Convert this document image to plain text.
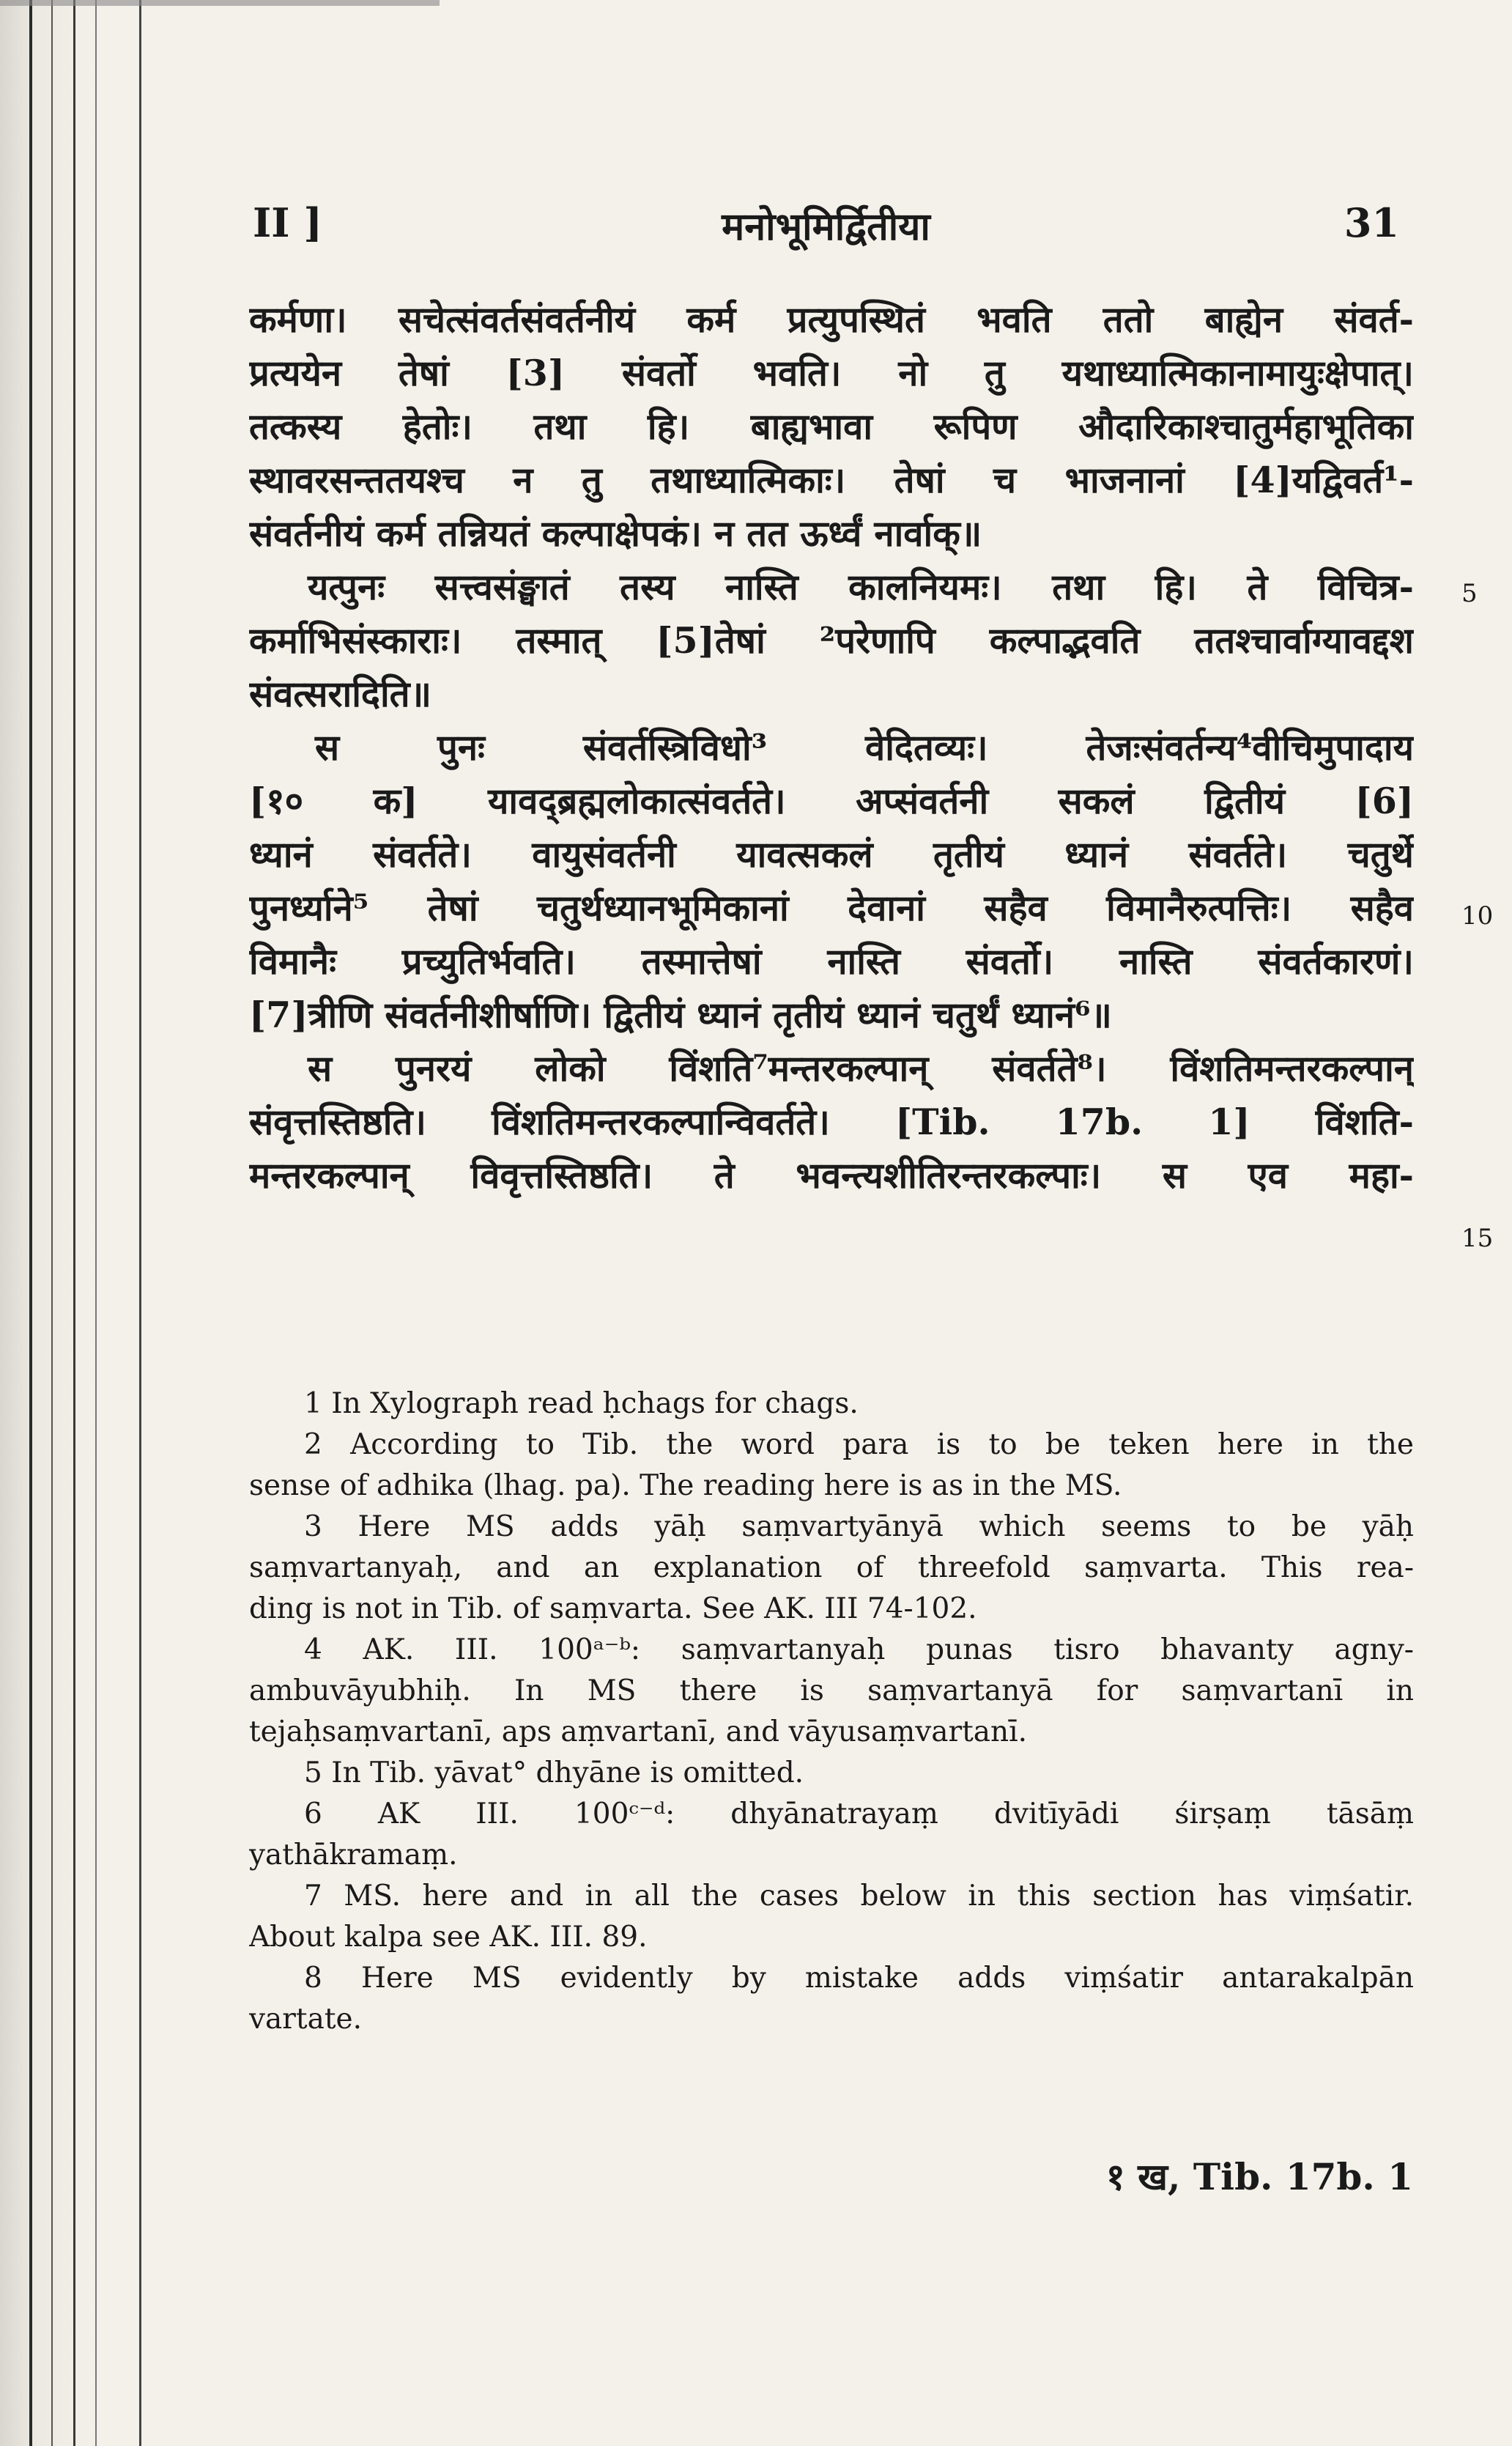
II ]	मनोभूमिर्द्वितीया	31
कर्मणा। सचेत्संवर्तसंवर्तनीयं कर्म प्रत्युपस्थितं भवति ततो बाह्येन संवर्त-
प्रत्ययेन तेषां [3] संवर्तो भवति। नो तु यथाध्यात्मिकानामायुःक्षेपात्।
तत्कस्य हेतोः। तथा हि। बाह्यभावा रूपिण औदारिकाश्चातुर्महाभूतिका
स्थावरसन्ततयश्च न तु तथाध्यात्मिकाः। तेषां च भाजनानां [4]यद्विवर्त¹-
संवर्तनीयं कर्म तन्नियतं कल्पाक्षेपकं। न तत ऊर्ध्वं नार्वाक्॥
यत्पुनः सत्त्वसंङ्घातं तस्य नास्ति कालनियमः। तथा हि। ते विचित्र-
कर्माभिसंस्काराः। तस्मात् [5]तेषां ²परेणापि कल्पाद्भवति ततश्चार्वाग्यावद्दश
संवत्सरादिति॥
स पुनः संवर्तस्त्रिविधो³ वेदितव्यः। तेजःसंवर्तन्य⁴वीचिमुपादाय
[१० क] यावद्ब्रह्मलोकात्संवर्तते। अप्संवर्तनी सकलं द्वितीयं [6]
ध्यानं संवर्तते। वायुसंवर्तनी यावत्सकलं तृतीयं ध्यानं संवर्तते। चतुर्थे
पुनर्ध्याने⁵ तेषां चतुर्थध्यानभूमिकानां देवानां सहैव विमानैरुत्पत्तिः। सहैव
विमानैः प्रच्युतिर्भवति। तस्मात्तेषां नास्ति संवर्तो। नास्ति संवर्तकारणं।
[7]त्रीणि संवर्तनीशीर्षाणि। द्वितीयं ध्यानं तृतीयं ध्यानं चतुर्थं ध्यानं⁶॥
स पुनरयं लोको विंशति⁷मन्तरकल्पान् संवर्तते⁸। विंशतिमन्तरकल्पान्
संवृत्तस्तिष्ठति। विंशतिमन्तरकल्पान्विवर्तते। [Tib. 17b. 1] विंशति-
मन्तरकल्पान् विवृत्तस्तिष्ठति। ते भवन्त्यशीतिरन्तरकल्पाः। स एव महा-
5
10
15
1 In Xylograph read ḥchags for chags.
2 According to Tib. the word para is to be teken here in the
sense of adhika (lhag. pa). The reading here is as in the MS.
3 Here MS adds yāḥ saṃvartyānyā which seems to be yāḥ
saṃvartanyaḥ, and an explanation of threefold saṃvarta. This rea-
ding is not in Tib. of saṃvarta. See AK. III 74-102.
4 AK. III. 100ᵃ⁻ᵇ: saṃvartanyaḥ punas tisro bhavanty agny-
ambuvāyubhiḥ. In MS there is saṃvartanyā for saṃvartanī in
tejaḥsaṃvartanī, aps aṃvartanī, and vāyusaṃvartanī.
5 In Tib. yāvat° dhyāne is omitted.
6 AK III. 100ᶜ⁻ᵈ: dhyānatrayaṃ dvitīyādi śirṣaṃ tāsāṃ
yathākramaṃ.
7 MS. here and in all the cases below in this section has viṃśatir.
About kalpa see AK. III. 89.
8 Here MS evidently by mistake adds viṃśatir antarakalpān
vartate.
१ ख, Tib. 17b. 1
